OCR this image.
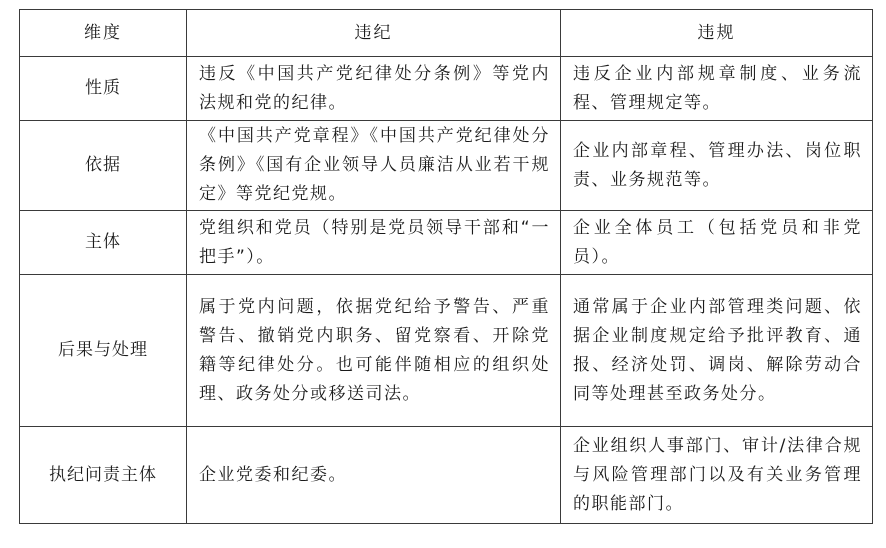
维度	违纪	违规
性质	违反《中国共产党纪律处分条例》等党内法规和党的纪律。	违反企业内部规章制度、业务流程、管理规定等。
依据	《中国共产党章程》《中国共产党纪律处分条例》《国有企业领导人员廉洁从业若干规定》等党纪党规。	企业内部章程、管理办法、岗位职责、业务规范等。
主体	党组织和党员（特别是党员领导干部和“一把手”）。	企业全体员工（包括党员和非党员）。
后果与处理	属于党内问题，依据党纪给予警告、严重警告、撤销党内职务、留党察看、开除党籍等纪律处分。也可能伴随相应的组织处理、政务处分或移送司法。	通常属于企业内部管理类问题、依据企业制度规定给予批评教育、通报、经济处罚、调岗、解除劳动合同等处理甚至政务处分。
执纪问责主体	企业党委和纪委。	企业组织人事部门、审计/法律合规与风险管理部门以及有关业务管理的职能部门。
